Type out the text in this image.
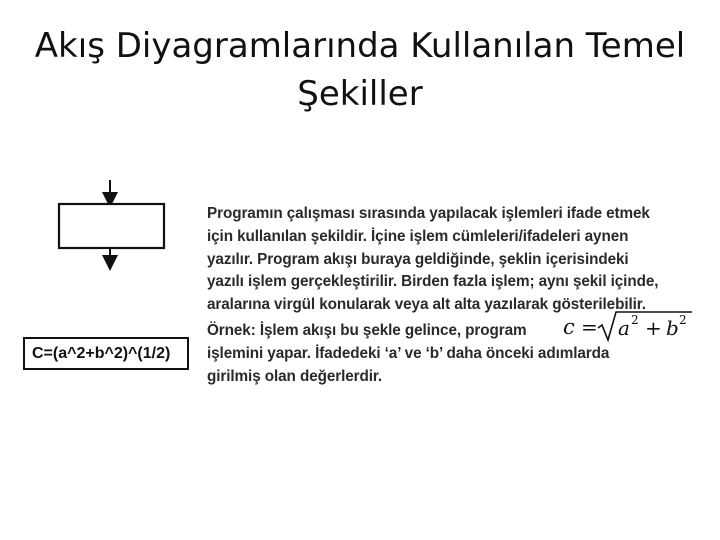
Akış Diyagramlarında Kullanılan Temel
Şekiller
Programın çalışması sırasında yapılacak işlemleri ifade etmek
için kullanılan şekildir. İçine işlem cümleleri/ifadeleri aynen
yazılır. Program akışı buraya geldiğinde, şeklin içerisindeki
yazılı işlem gerçekleştirilir. Birden fazla işlem; aynı şekil içinde,
aralarına virgül konularak veya alt alta yazılarak gösterilebilir.
Örnek: İşlem akışı bu şekle gelince, program
işlemini yapar. İfadedeki ‘a’ ve ‘b’ daha önceki adımlarda
girilmiş olan değerlerdir.
C=(a^2+b^2)^(1/2)
c = a 2 + b 2
